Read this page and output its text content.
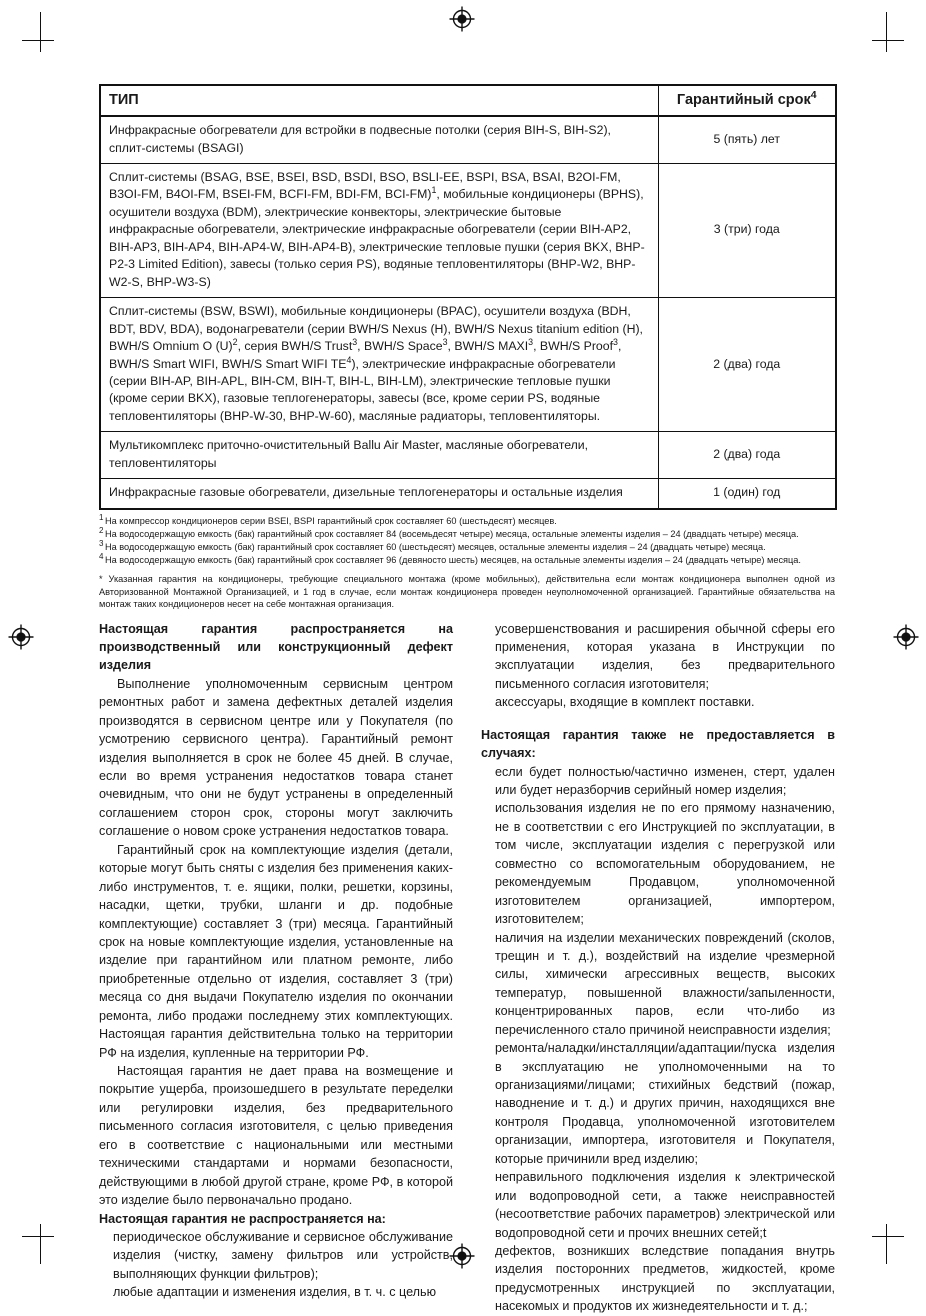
ТИП	Гарантийный срок$^4$
Инфракрасные обогреватели для встройки в подвесные потолки (серия BIH-S, BIH-S2), сплит-системы (BSAGI)	5 (пять) лет
Сплит-системы (BSAG, BSE, BSEI, BSD, BSDI, BSO, BSLI-EE, BSPI, BSA, BSAI, B2OI-FM, B3OI-FM, B4OI-FM, BSEI-FM, BCFI-FM, BDI-FM, BCI-FM)$^1$, мобильные кондиционеры (BPHS), осушители воздуха (BDM), электрические конвекторы, электрические бытовые инфракрасные обогреватели, электрические инфракрасные обогреватели (серии BIH-AP2, BIH-AP3, BIH-AP4, BIH-AP4-W, BIH-AP4-B), электрические тепловые пушки (серия BKX, BHP-P2-3 Limited Edition), завесы (только серия PS), водяные тепловентиляторы (BHP-W2, BHP-W2-S, BHP-W3-S)	3 (три) года
Сплит-системы (BSW, BSWI), мобильные кондиционеры (BPAC), осушители воздуха (BDH, BDT, BDV, BDA), водонагреватели (серии BWH/S Nexus (H), BWH/S Nexus titanium edition (H), BWH/S Omnium O $(U)^2$, серия BWH/S Trust$^3$, BWH/S Space$^3$, BWH/S MAXI$^3$, BWH/S Proof$^3$, BWH/S Smart WIFI, BWH/S Smart WIFI $TE^4$), электрические инфракрасные обогреватели (серии BIH-AP, BIH-APL, BIH-CM, BIH-T, BIH-L, BIH-LM), электрические тепловые пушки (кроме серии BKX), газовые теплогенераторы, завесы (все, кроме серии PS, водяные тепловентиляторы (BHP-W-30, BHP-W-60), масляные радиаторы, тепловентиляторы.	2 (два) года
Мультикомплекс приточно-очистительный Ballu Air Master, масляные обогреватели, тепловентиляторы	2 (два) года
Инфракрасные газовые обогреватели, дизельные теплогенераторы и остальные изделия	1 (один) год

1 На компрессор кондиционеров серии BSEI, BSPI гарантийный срок составляет 60 (шестьдесят) месяцев.

2 На водосодержащую емкость (бак) гарантийный срок составляет 84 (восемьдесят четыре) месяца, остальные элементы изделия – 24 (двадцать четыре) месяца.

3 На водосодержащую емкость (бак) гарантийный срок составляет 60 (шестьдесят) месяцев, остальные элементы изделия – 24 (двадцать четыре) месяца.

4 На водосодержащую емкость (бак) гарантийный срок составляет 96 (девяносто шесть) месяцев, на остальные элементы изделия – 24 (двадцать четыре) месяца.

* Указанная гарантия на кондиционеры, требующие специального монтажа (кроме мобильных), действительна если монтаж кондиционера выполнен одной из Авторизованной Монтажной Организацией, и 1 год в случае, если монтаж кондиционера проведен неуполномоченной организацией. Гарантийные обязательства на монтаж таких кондиционеров несет на себе монтажная организация.

Настоящая гарантия распространяется на производственный или конструкционный дефект изделия

Выполнение уполномоченным сервисным центром ремонтных работ и замена дефектных деталей изделия производятся в сервисном центре или у Покупателя (по усмотрению сервисного центра). Гарантийный ремонт изделия выполняется в срок не более 45 дней. В случае, если во время устранения недостатков товара станет очевидным, что они не будут устранены в определенный соглашением сторон срок, стороны могут заключить соглашение о новом сроке устранения недостатков товара.

Гарантийный срок на комплектующие изделия (детали, которые могут быть сняты с изделия без применения каких-либо инструментов, т. е. ящики, полки, решетки, корзины, насадки, щетки, трубки, шланги и др. подобные комплектующие) составляет 3 (три) месяца. Гарантийный срок на новые комплектующие изделия, установленные на изделие при гарантийном или платном ремонте, либо приобретенные отдельно от изделия, составляет 3 (три) месяца со дня выдачи Покупателю изделия по окончании ремонта, либо продажи последнему этих комплектующих. Настоящая гарантия действительна только на территории РФ на изделия, купленные на территории РФ.

Настоящая гарантия не дает права на возмещение и покрытие ущерба, произошедшего в результате переделки или регулировки изделия, без предварительного письменного согласия изготовителя, с целью приведения его в соответствие с национальными или местными техническими стандартами и нормами безопасности, действующими в любой другой стране, кроме РФ, в которой это изделие было первоначально продано.

Настоящая гарантия не распространяется на:

периодическое обслуживание и сервисное обслуживание изделия (чистку, замену фильтров или устройств, выполняющих функции фильтров);

любые адаптации и изменения изделия, в т. ч. с целью

усовершенствования и расширения обычной сферы его применения, которая указана в Инструкции по эксплуатации изделия, без предварительного письменного согласия изготовителя;

аксессуары, входящие в комплект поставки.

Настоящая гарантия также не предоставляется в случаях:

если будет полностью/частично изменен, стерт, удален или будет неразборчив серийный номер изделия;

использования изделия не по его прямому назначению, не в соответствии с его Инструкцией по эксплуатации, в том числе, эксплуатации изделия с перегрузкой или совместно со вспомогательным оборудованием, не рекомендуемым Продавцом, уполномоченной изготовителем организацией, импортером, изготовителем;

наличия на изделии механических повреждений (сколов, трещин и т. д.), воздействий на изделие чрезмерной силы, химически агрессивных веществ, высоких температур, повышенной влажности/запыленности, концентрированных паров, если что-либо из перечисленного стало причиной неисправности изделия;

ремонта/наладки/инсталляции/адаптации/пуска изделия в эксплуатацию не уполномоченными на то организациями/лицами; стихийных бедствий (пожар, наводнение и т. д.) и других причин, находящихся вне контроля Продавца, уполномоченной изготовителем организации, импортера, изготовителя и Покупателя, которые причинили вред изделию;

неправильного подключения изделия к электрической или водопроводной сети, а также неисправностей (несоответствие рабочих параметров) электрической или водопроводной сети и прочих внешних сетей;t

дефектов, возникших вследствие попадания внутрь изделия посторонних предметов, жидкостей, кроме предусмотренных инструкцией по эксплуатации, насекомых и продуктов их жизнедеятельности и т. д.;
